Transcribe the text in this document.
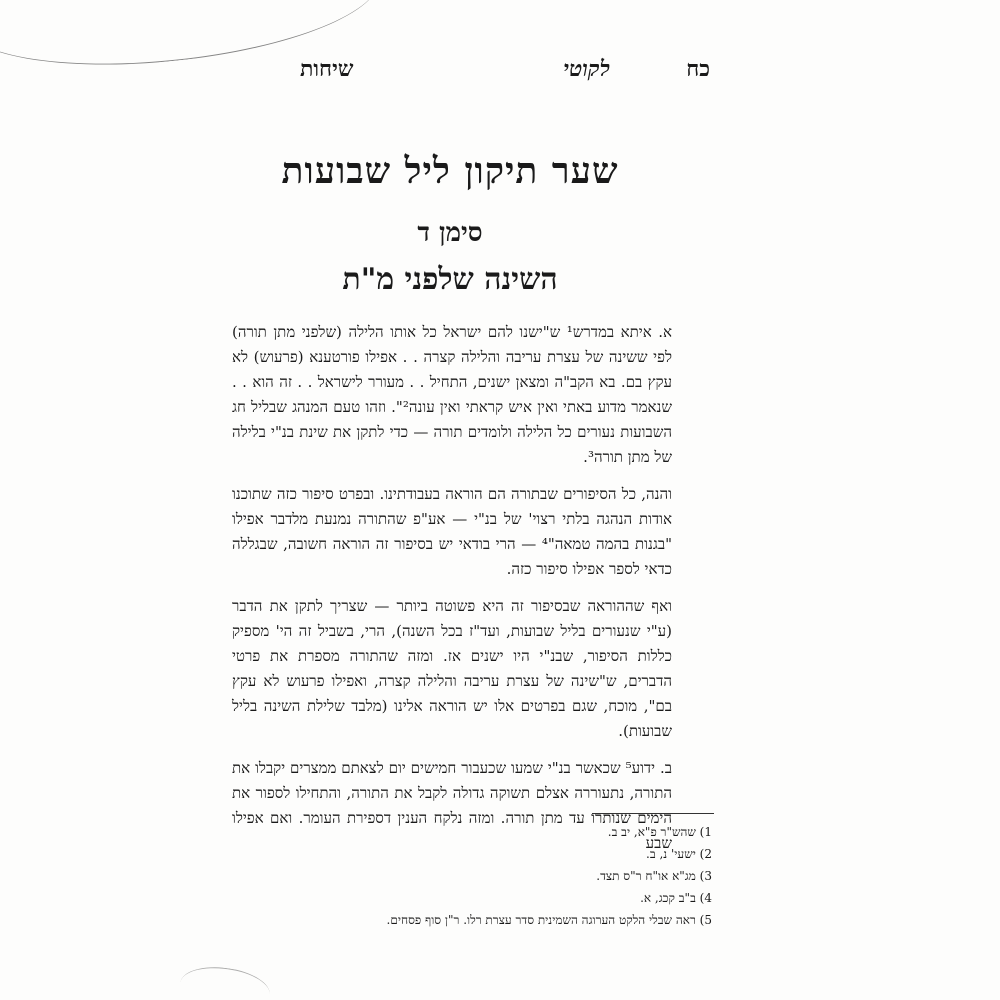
כח
לקוטי
שיחות
שער תיקון ליל שבועות
סימן ד
השינה שלפני מ"ת

א. איתא במדרש¹ ש"ישנו להם ישראל כל אותו הלילה (שלפני מתן תורה) לפי ששינה של עצרת עריבה והלילה קצרה . . אפילו פורטענא (פרעוש) לא עקץ בם. בא הקב"ה ומצאן ישנים, התחיל . . מעורר לישראל . . זה הוא . . שנאמר מדוע באתי ואין איש קראתי ואין עונה²". וזהו טעם המנהג שבליל חג השבועות נעורים כל הלילה ולומדים תורה — כדי לתקן את שינת בנ"י בלילה של מתן תורה³.

והנה, כל הסיפורים שבתורה הם הוראה בעבודתינו. ובפרט סיפור כזה שתוכנו אודות הנהגה בלתי רצוי' של בנ"י — אע"פ שהתורה נמנעת מלדבר אפילו "בגנות בהמה טמאה"⁴ — הרי בודאי יש בסיפור זה הוראה חשובה, שבגללה כדאי לספר אפילו סיפור כזה.

ואף שההוראה שבסיפור זה היא פשוטה ביותר — שצריך לתקן את הדבר (ע"י שנעורים בליל שבועות, ועד"ז בכל השנה), הרי, בשביל זה הי' מספיק כללות הסיפור, שבנ"י היו ישנים אז. ומזה שהתורה מספרת את פרטי הדברים, ש"שינה של עצרת עריבה והלילה קצרה, ואפילו פרעוש לא עקץ בם", מוכח, שגם בפרטים אלו יש הוראה אלינו (מלבד שלילת השינה בליל שבועות).

ב. ידוע⁵ שכאשר בנ"י שמעו שכעבור חמישים יום לצאתם ממצרים יקבלו את התורה, נתעוררה אצלם תשוקה גדולה לקבל את התורה, והתחילו לספור את הימים שנותרו עד מתן תורה. ומזה נלקח הענין דספירת העומר. ואם אפילו שבע

1) שהש"ר פ"א, יב ב.
2) ישעי' נ, ב.
3) מג"א או"ח ר"ס תצד.
4) ב"ב קכג, א.
5) ראה שבלי הלקט הערוגה השמינית סדר עצרת רלו. ר"ן סוף פסחים.
